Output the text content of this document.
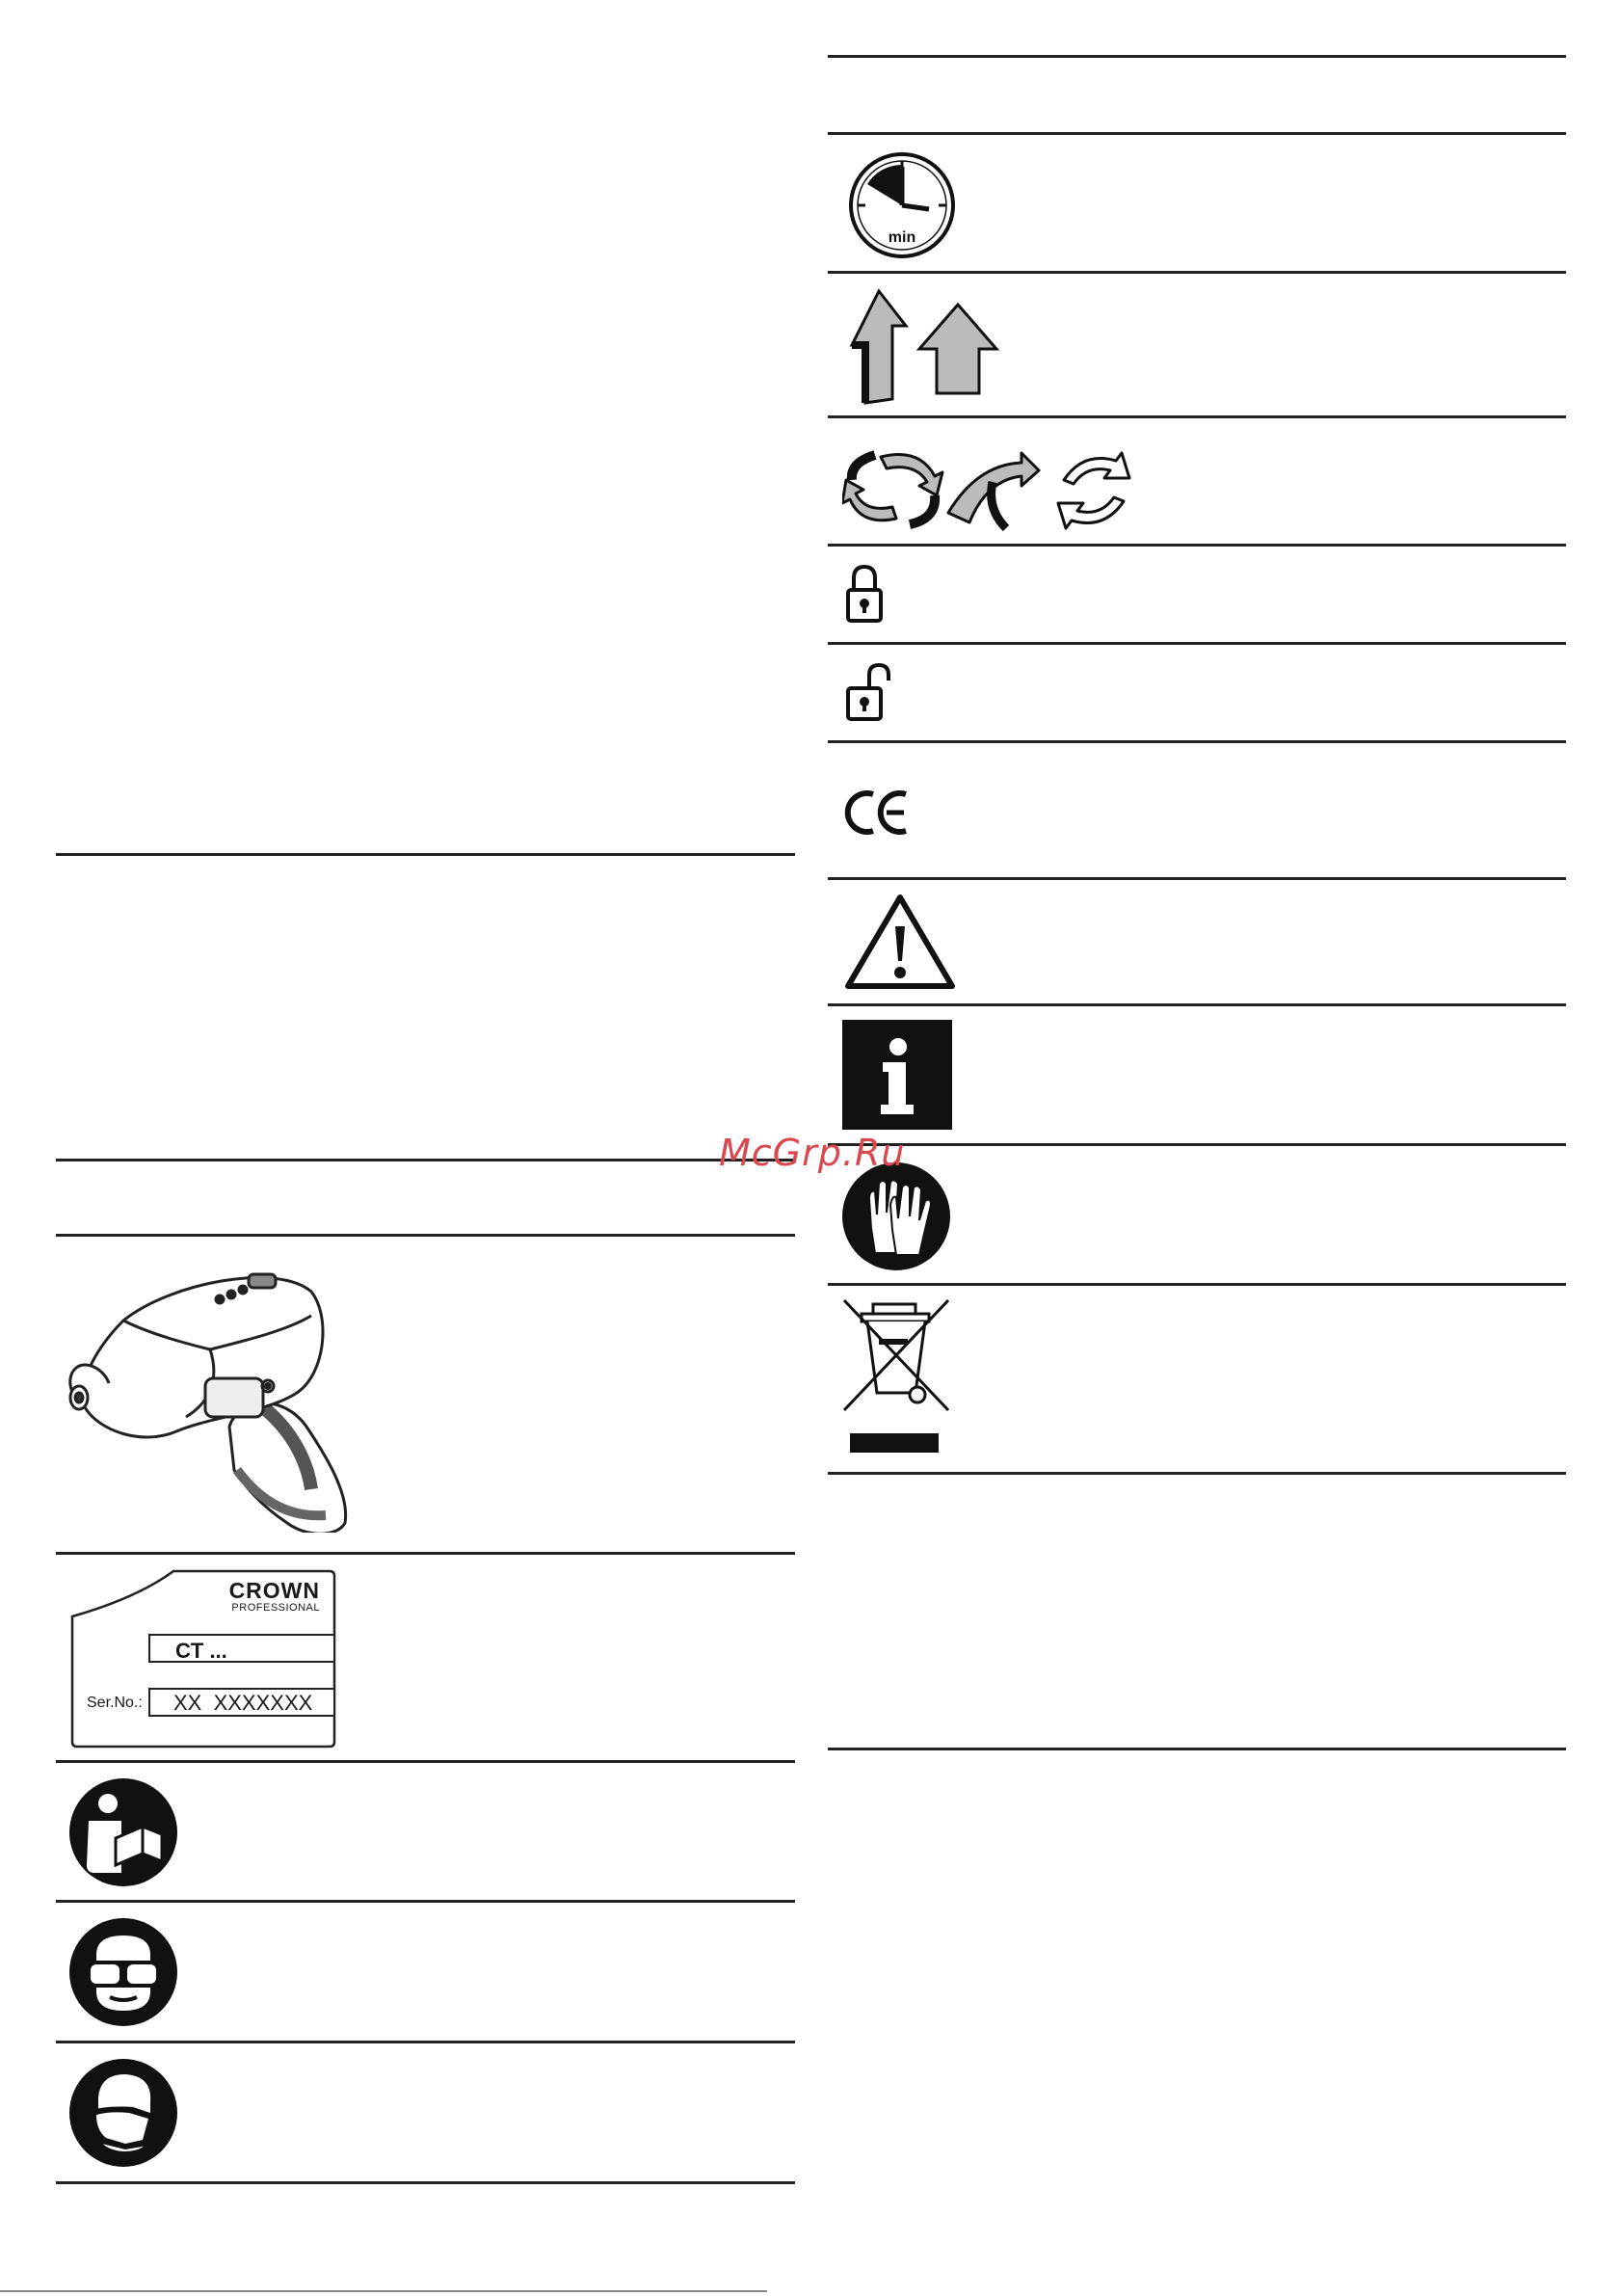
CROWN
PROFESSIONAL
CT ...
Ser.No.: XX  XXXXXXX
min
McGrp.Ru
